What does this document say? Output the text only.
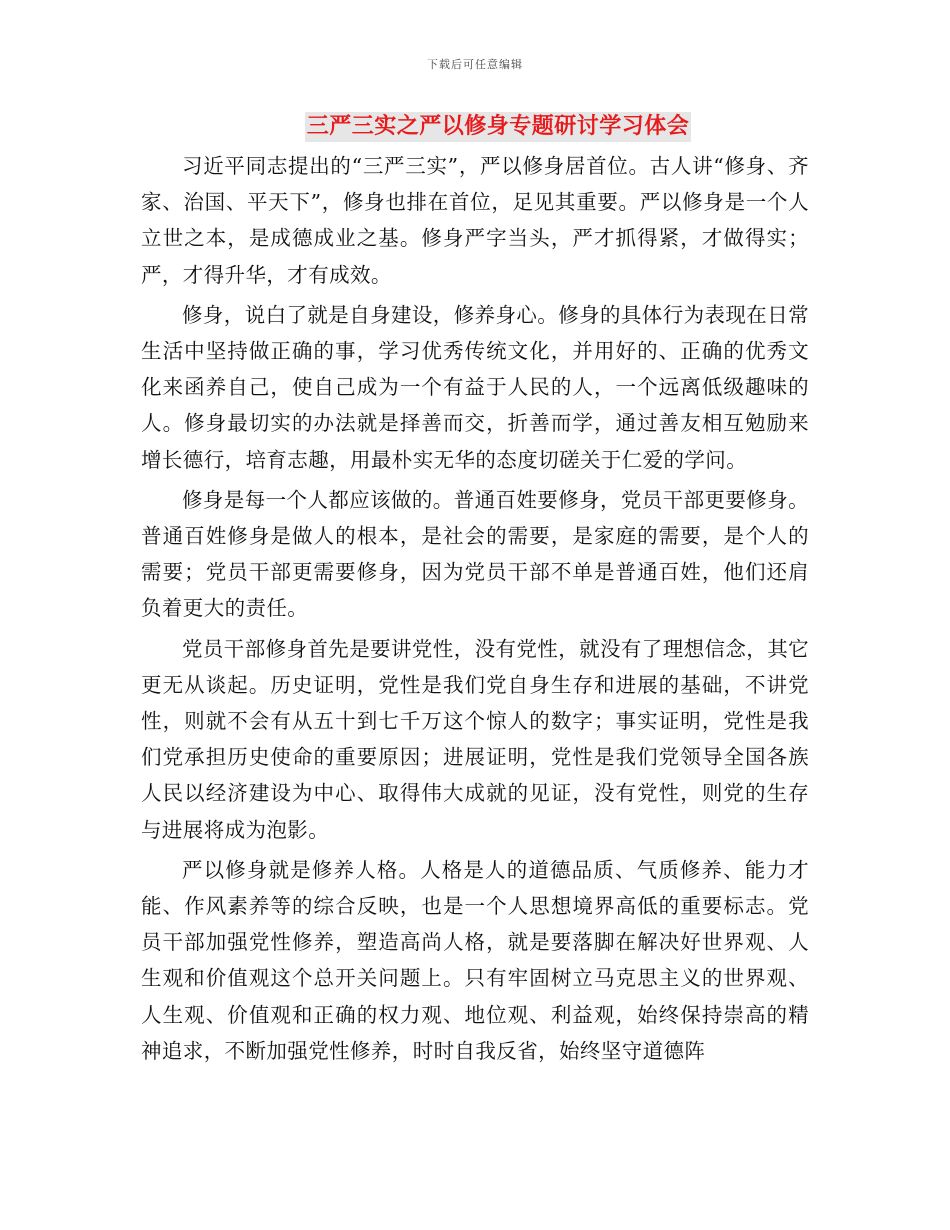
下载后可任意编辑
三严三实之严以修身专题研讨学习体会

习近平同志提出的“三严三实”，严以修身居首位。古人讲“修身、齐家、治国、平天下”，修身也排在首位，足见其重要。严以修身是一个人立世之本，是成德成业之基。修身严字当头，严才抓得紧，才做得实；严，才得升华，才有成效。

修身，说白了就是自身建设，修养身心。修身的具体行为表现在日常生活中坚持做正确的事，学习优秀传统文化，并用好的、正确的优秀文化来函养自己，使自己成为一个有益于人民的人，一个远离低级趣味的人。修身最切实的办法就是择善而交，折善而学，通过善友相互勉励来增长德行，培育志趣，用最朴实无华的态度切磋关于仁爱的学问。

修身是每一个人都应该做的。普通百姓要修身，党员干部更要修身。普通百姓修身是做人的根本，是社会的需要，是家庭的需要，是个人的需要；党员干部更需要修身，因为党员干部不单是普通百姓，他们还肩负着更大的责任。

党员干部修身首先是要讲党性，没有党性，就没有了理想信念，其它更无从谈起。历史证明，党性是我们党自身生存和进展的基础，不讲党性，则就不会有从五十到七千万这个惊人的数字；事实证明，党性是我们党承担历史使命的重要原因；进展证明，党性是我们党领导全国各族人民以经济建设为中心、取得伟大成就的见证，没有党性，则党的生存与进展将成为泡影。

严以修身就是修养人格。人格是人的道德品质、气质修养、能力才能、作风素养等的综合反映，也是一个人思想境界高低的重要标志。党员干部加强党性修养，塑造高尚人格，就是要落脚在解决好世界观、人生观和价值观这个总开关问题上。只有牢固树立马克思主义的世界观、人生观、价值观和正确的权力观、地位观、利益观，始终保持崇高的精神追求，不断加强党性修养，时时自我反省，始终坚守道德阵
